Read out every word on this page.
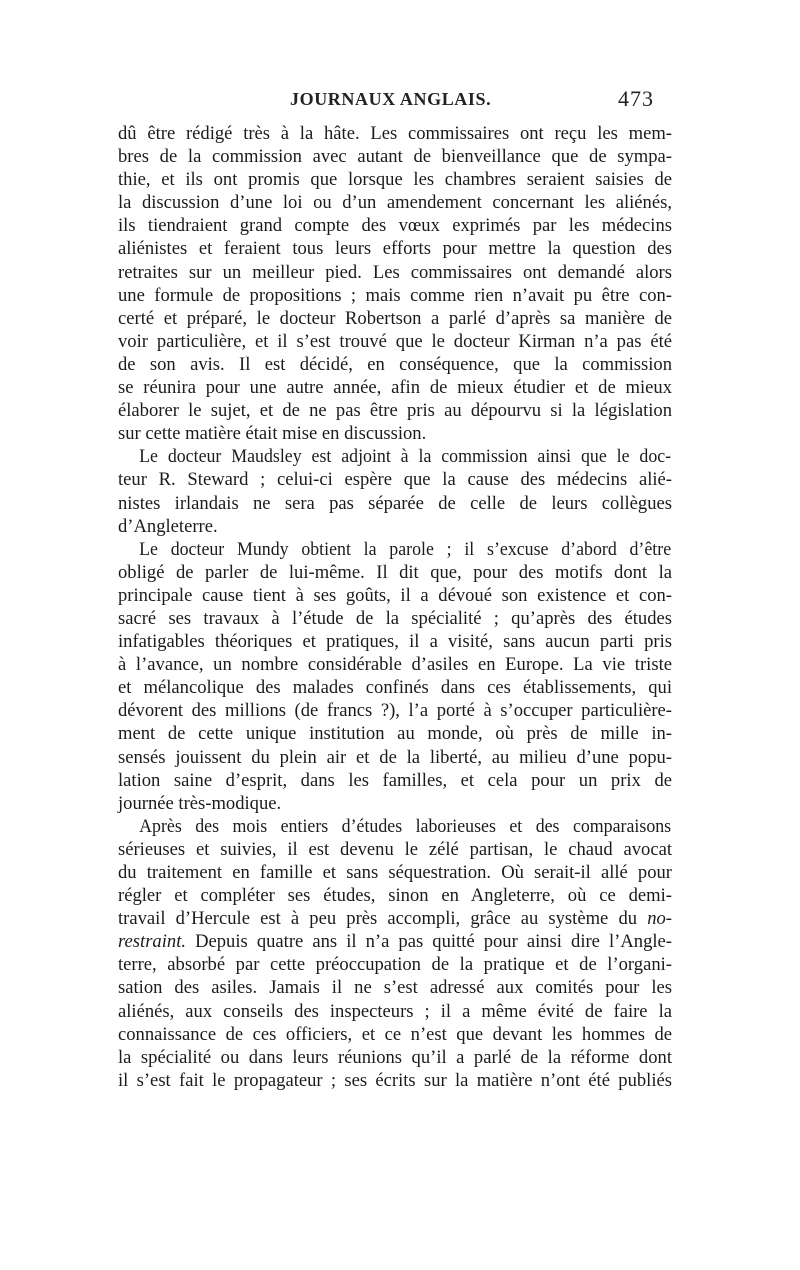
JOURNAUX ANGLAIS.	473
dû être rédigé très à la hâte. Les commissaires ont reçu les mem-
bres de la commission avec autant de bienveillance que de sympa-
thie, et ils ont promis que lorsque les chambres seraient saisies de
la discussion d’une loi ou d’un amendement concernant les aliénés,
ils tiendraient grand compte des vœux exprimés par les médecins
aliénistes et feraient tous leurs efforts pour mettre la question des
retraites sur un meilleur pied. Les commissaires ont demandé alors
une formule de propositions ; mais comme rien n’avait pu être con-
certé et préparé, le docteur Robertson a parlé d’après sa manière de
voir particulière, et il s’est trouvé que le docteur Kirman n’a pas été
de son avis. Il est décidé, en conséquence, que la commission
se réunira pour une autre année, afin de mieux étudier et de mieux
élaborer le sujet, et de ne pas être pris au dépourvu si la législation
sur cette matière était mise en discussion.
Le docteur Maudsley est adjoint à la commission ainsi que le doc-
teur R. Steward ; celui-ci espère que la cause des médecins alié-
nistes irlandais ne sera pas séparée de celle de leurs collègues
d’Angleterre.
Le docteur Mundy obtient la parole ; il s’excuse d’abord d’être
obligé de parler de lui-même. Il dit que, pour des motifs dont la
principale cause tient à ses goûts, il a dévoué son existence et con-
sacré ses travaux à l’étude de la spécialité ; qu’après des études
infatigables théoriques et pratiques, il a visité, sans aucun parti pris
à l’avance, un nombre considérable d’asiles en Europe. La vie triste
et mélancolique des malades confinés dans ces établissements, qui
dévorent des millions (de francs ?), l’a porté à s’occuper particulière-
ment de cette unique institution au monde, où près de mille in-
sensés jouissent du plein air et de la liberté, au milieu d’une popu-
lation saine d’esprit, dans les familles, et cela pour un prix de
journée très-modique.
Après des mois entiers d’études laborieuses et des comparaisons
sérieuses et suivies, il est devenu le zélé partisan, le chaud avocat
du traitement en famille et sans séquestration. Où serait-il allé pour
régler et compléter ses études, sinon en Angleterre, où ce demi-
travail d’Hercule est à peu près accompli, grâce au système du no-
restraint. Depuis quatre ans il n’a pas quitté pour ainsi dire l’Angle-
terre, absorbé par cette préoccupation de la pratique et de l’organi-
sation des asiles. Jamais il ne s’est adressé aux comités pour les
aliénés, aux conseils des inspecteurs ; il a même évité de faire la
connaissance de ces officiers, et ce n’est que devant les hommes de
la spécialité ou dans leurs réunions qu’il a parlé de la réforme dont
il s’est fait le propagateur ; ses écrits sur la matière n’ont été publiés
